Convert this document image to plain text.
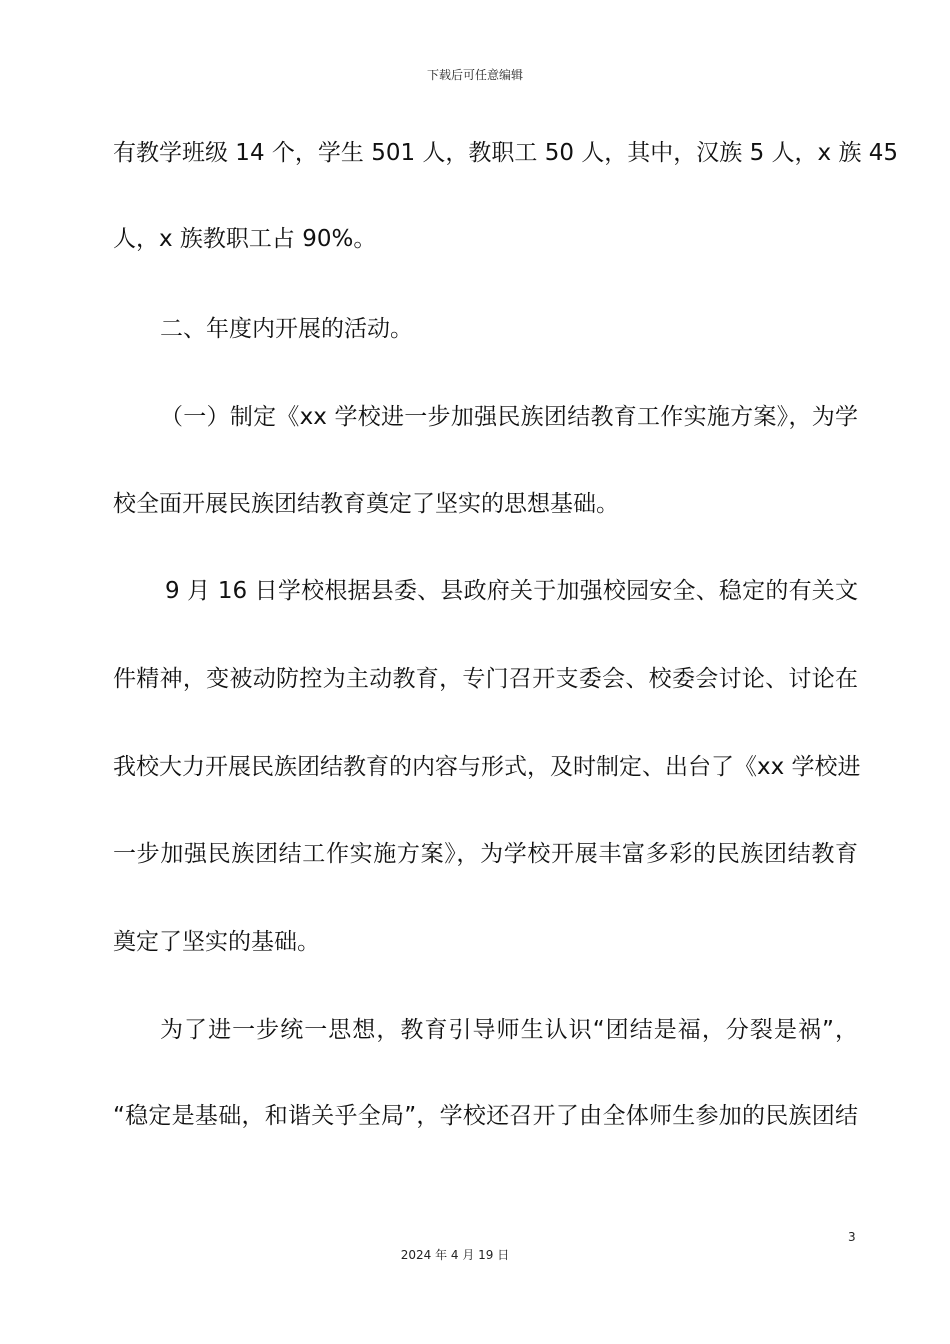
下载后可任意编辑
有教学班级 14 个，学生 501 人，教职工 50 人，其中，汉族 5 人，x 族 45
人，x 族教职工占 90%。
二、年度内开展的活动。
（一）制定《xx 学校进一步加强民族团结教育工作实施方案》，为学
校全面开展民族团结教育奠定了坚实的思想基础。
9 月 16 日学校根据县委、县政府关于加强校园安全、稳定的有关文
件精神，变被动防控为主动教育，专门召开支委会、校委会讨论、讨论在
我校大力开展民族团结教育的内容与形式，及时制定、出台了《xx 学校进
一步加强民族团结工作实施方案》，为学校开展丰富多彩的民族团结教育
奠定了坚实的基础。
为了进一步统一思想，教育引导师生认识“团结是福，分裂是祸”，
“稳定是基础，和谐关乎全局”，学校还召开了由全体师生参加的民族团结
3
2024 年 4 月 19 日
